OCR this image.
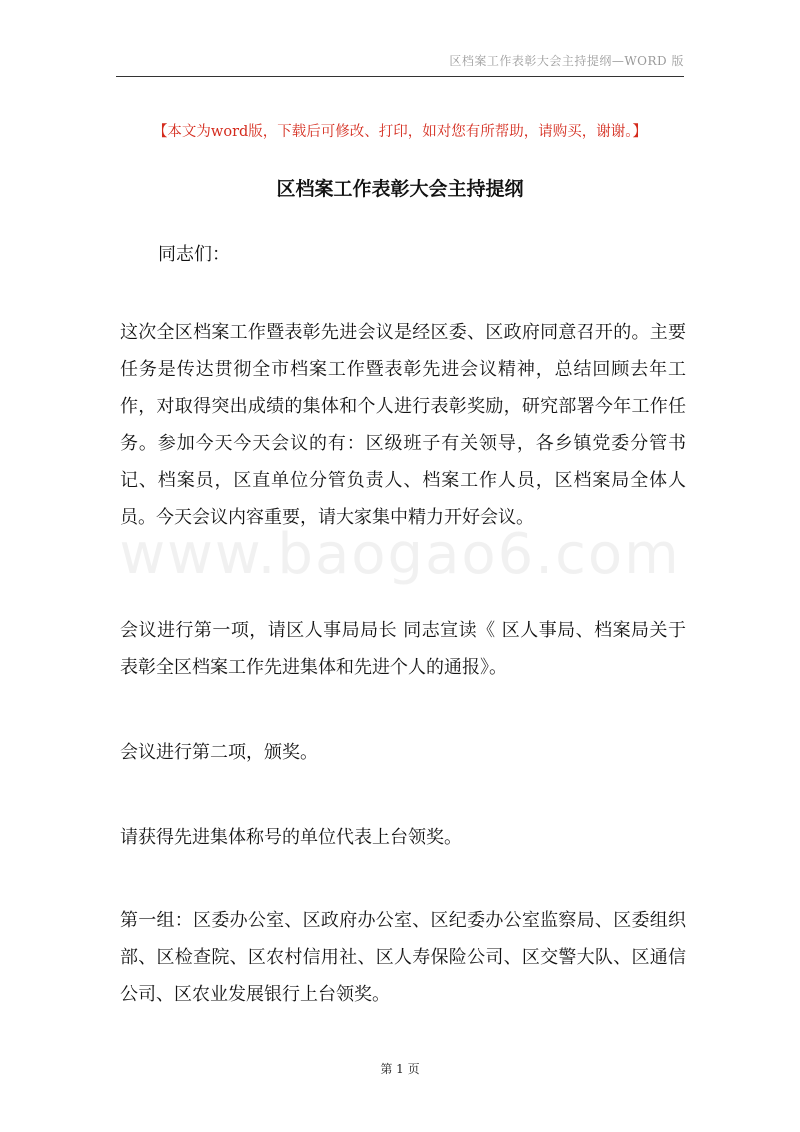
区档案工作表彰大会主持提纲—WORD 版
【本文为word版，下载后可修改、打印，如对您有所帮助，请购买，谢谢。】
区档案工作表彰大会主持提纲
www.baogao6.com

同志们：

这次全区档案工作暨表彰先进会议是经区委、区政府同意召开的。主要任务是传达贯彻全市档案工作暨表彰先进会议精神，总结回顾去年工作，对取得突出成绩的集体和个人进行表彰奖励，研究部署今年工作任务。参加今天今天会议的有：区级班子有关领导，各乡镇党委分管书记、档案员，区直单位分管负责人、档案工作人员，区档案局全体人员。今天会议内容重要，请大家集中精力开好会议。

会议进行第一项，请区人事局局长 同志宣读《 区人事局、档案局关于表彰全区档案工作先进集体和先进个人的通报》。

会议进行第二项，颁奖。

请获得先进集体称号的单位代表上台领奖。

第一组：区委办公室、区政府办公室、区纪委办公室监察局、区委组织部、区检查院、区农村信用社、区人寿保险公司、区交警大队、区通信公司、区农业发展银行上台领奖。

第 1 页
